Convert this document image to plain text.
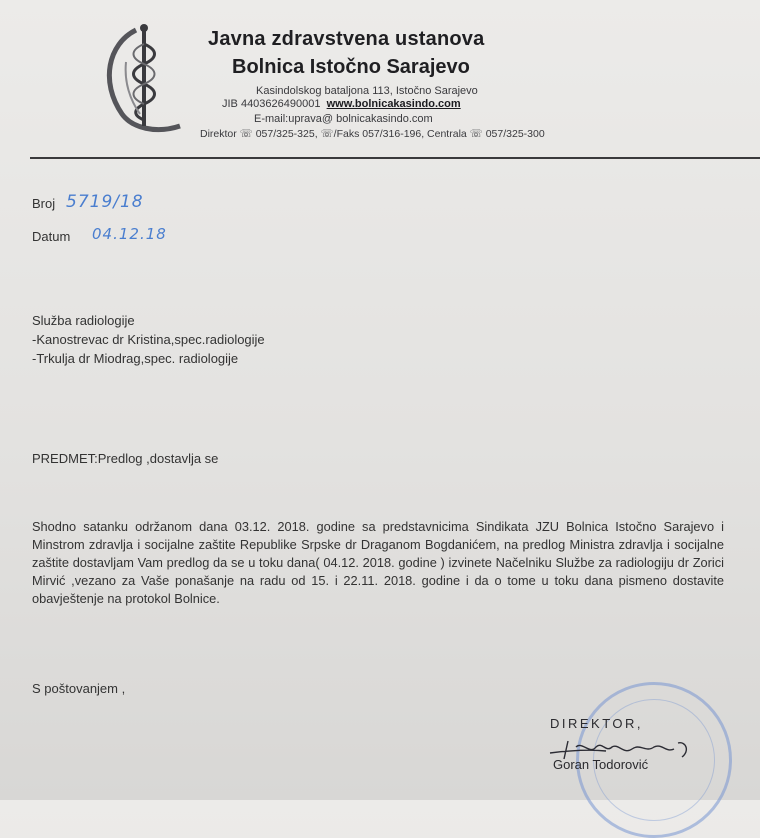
Javna zdravstvena ustanova
Bolnica Istočno Sarajevo
Kasindolskog bataljona 113, Istočno Sarajevo
JIB 4403626490001 www.bolnicakasindo.com
E-mail:uprava@ bolnicakasindo.com
Direktor ☏ 057/325-325, ☏/Faks 057/316-196, Centrala ☏ 057/325-300
Broj 5719/18
Datum 04.12.18
Služba radiologije
-Kanostrevac dr Kristina,spec.radiologije
-Trkulja dr Miodrag,spec. radiologije
PREDMET:Predlog ,dostavlja se
Shodno satanku održanom dana 03.12. 2018. godine sa predstavnicima Sindikata JZU Bolnica Istočno Sarajevo i Minstrom zdravlja i socijalne zaštite Republike Srpske dr Draganom Bogdanićem, na predlog Ministra zdravlja i socijalne zaštite dostavljam Vam predlog da se u toku dana( 04.12. 2018. godine ) izvinete Načelniku Službe za radiologiju dr Zorici Mirvić ,vezano za Vaše ponašanje na radu od 15. i 22.11. 2018. godine i da o tome u toku dana pismeno dostavite obavještenje na protokol Bolnice.
S poštovanjem ,
DIREKTOR,
Goran Todorović
